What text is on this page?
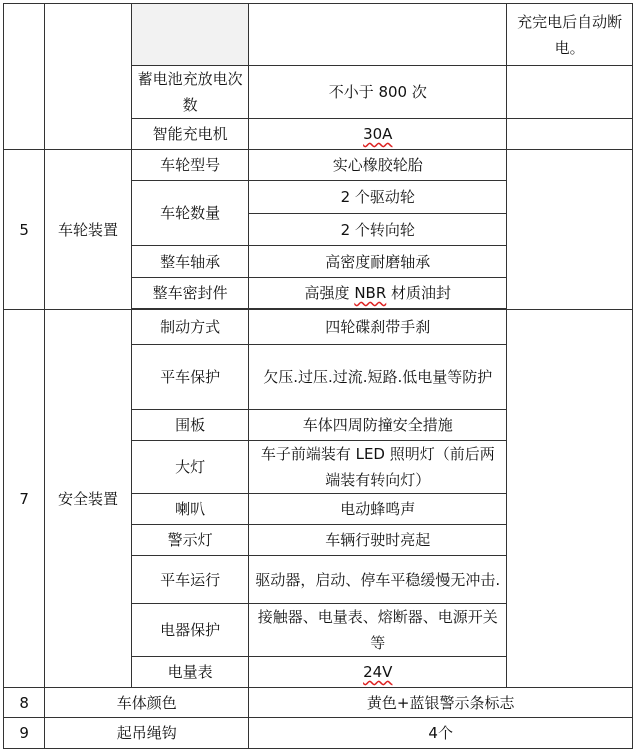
				充完电后自动断电。
		蓄电池充放电次数	不小于 800 次	
		智能充电机	30A	
5	车轮装置	车轮型号	实心橡胶轮胎	
		车轮数量	2 个驱动轮	
			2 个转向轮	
		整车轴承	高密度耐磨轴承	
		整车密封件	高强度 NBR 材质油封	

7	安全装置	制动方式	四轮碟刹带手刹	
		平车保护	欠压.过压.过流.短路.低电量等防护	
		围板	车体四周防撞安全措施	
		大灯	车子前端装有 LED 照明灯（前后两端装有转向灯）	
		喇叭	电动蜂鸣声	
		警示灯	车辆行驶时亮起	
		平车运行	驱动器，启动、停车平稳缓慢无冲击.	
		电器保护	接触器、电量表、熔断器、电源开关等	
		电量表	24V	
8	车体颜色		黄色+蓝银警示条标志	
9	起吊绳钩		4个	
